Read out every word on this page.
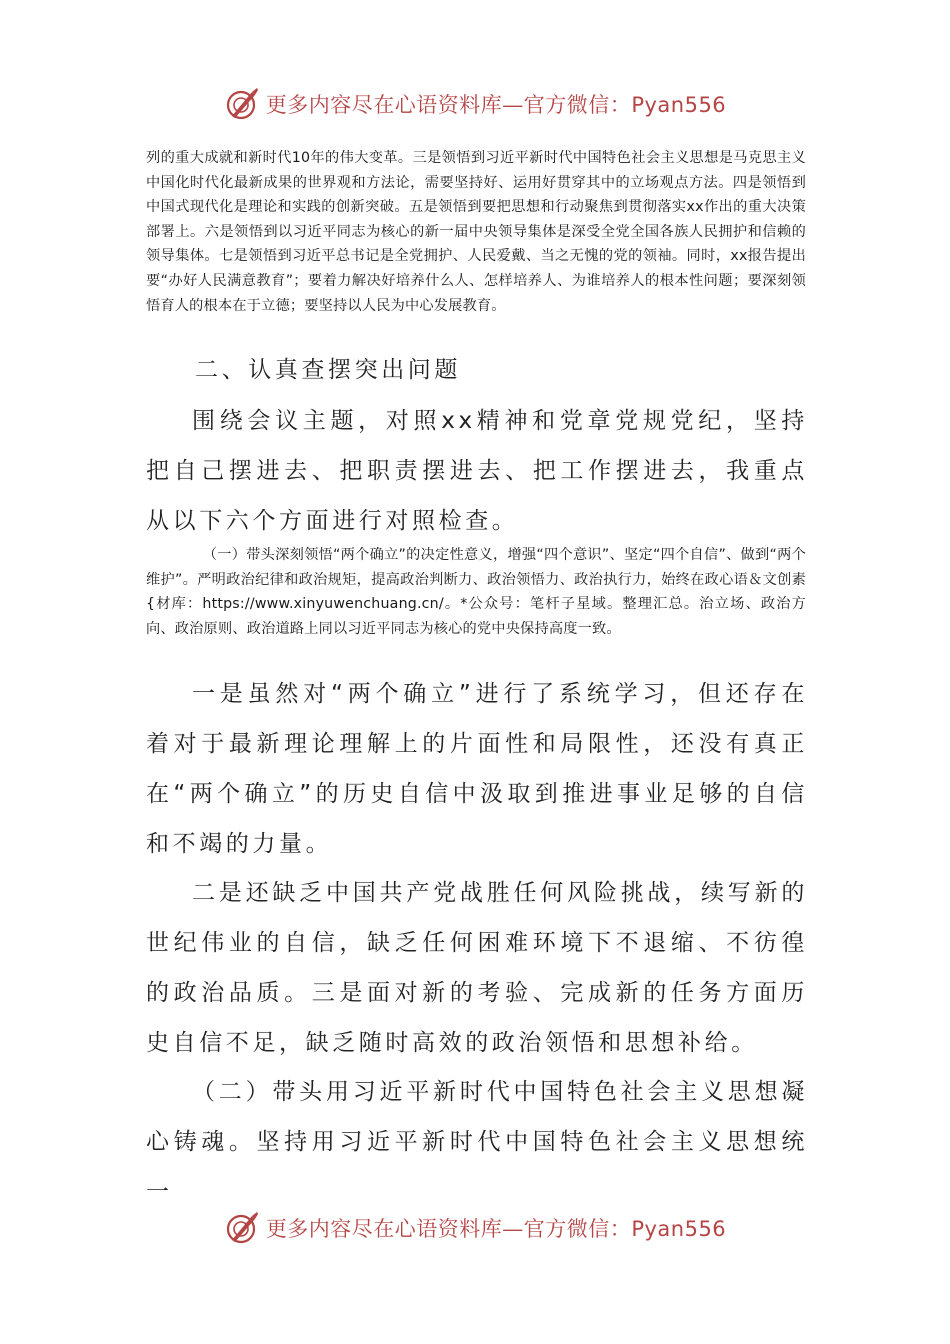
更多内容尽在心语资料库—官方微信：Pyan556

列的重大成就和新时代10年的伟大变革。三是领悟到习近平新时代中国特色社会主义思想是马克思主义中国化时代化最新成果的世界观和方法论，需要坚持好、运用好贯穿其中的立场观点方法。四是领悟到中国式现代化是理论和实践的创新突破。五是领悟到要把思想和行动聚焦到贯彻落实xx作出的重大决策部署上。六是领悟到以习近平同志为核心的新一届中央领导集体是深受全党全国各族人民拥护和信赖的领导集体。七是领悟到习近平总书记是全党拥护、人民爱戴、当之无愧的党的领袖。同时，xx报告提出要“办好人民满意教育”；要着力解决好培养什么人、怎样培养人、为谁培养人的根本性问题；要深刻领悟育人的根本在于立德；要坚持以人民为中心发展教育。

二、认真查摆突出问题

围绕会议主题，对照xx精神和党章党规党纪，坚持把自己摆进去、把职责摆进去、把工作摆进去，我重点从以下六个方面进行对照检查。

（一）带头深刻领悟“两个确立”的决定性意义，增强“四个意识”、坚定“四个自信”、做到“两个维护”。严明政治纪律和政治规矩，提高政治判断力、政治领悟力、政治执行力，始终在政心语＆文创素{材库：https://www.xinyuwenchuang.cn/。*公众号：笔杆子星域。整理汇总。治立场、政治方向、政治原则、政治道路上同以习近平同志为核心的党中央保持高度一致。

一是虽然对“两个确立”进行了系统学习，但还存在着对于最新理论理解上的片面性和局限性，还没有真正在“两个确立”的历史自信中汲取到推进事业足够的自信和不竭的力量。

二是还缺乏中国共产党战胜任何风险挑战，续写新的世纪伟业的自信，缺乏任何困难环境下不退缩、不彷徨的政治品质。三是面对新的考验、完成新的任务方面历史自信不足，缺乏随时高效的政治领悟和思想补给。

（二）带头用习近平新时代中国特色社会主义思想凝心铸魂。坚持用习近平新时代中国特色社会主义思想统一

更多内容尽在心语资料库—官方微信：Pyan556
